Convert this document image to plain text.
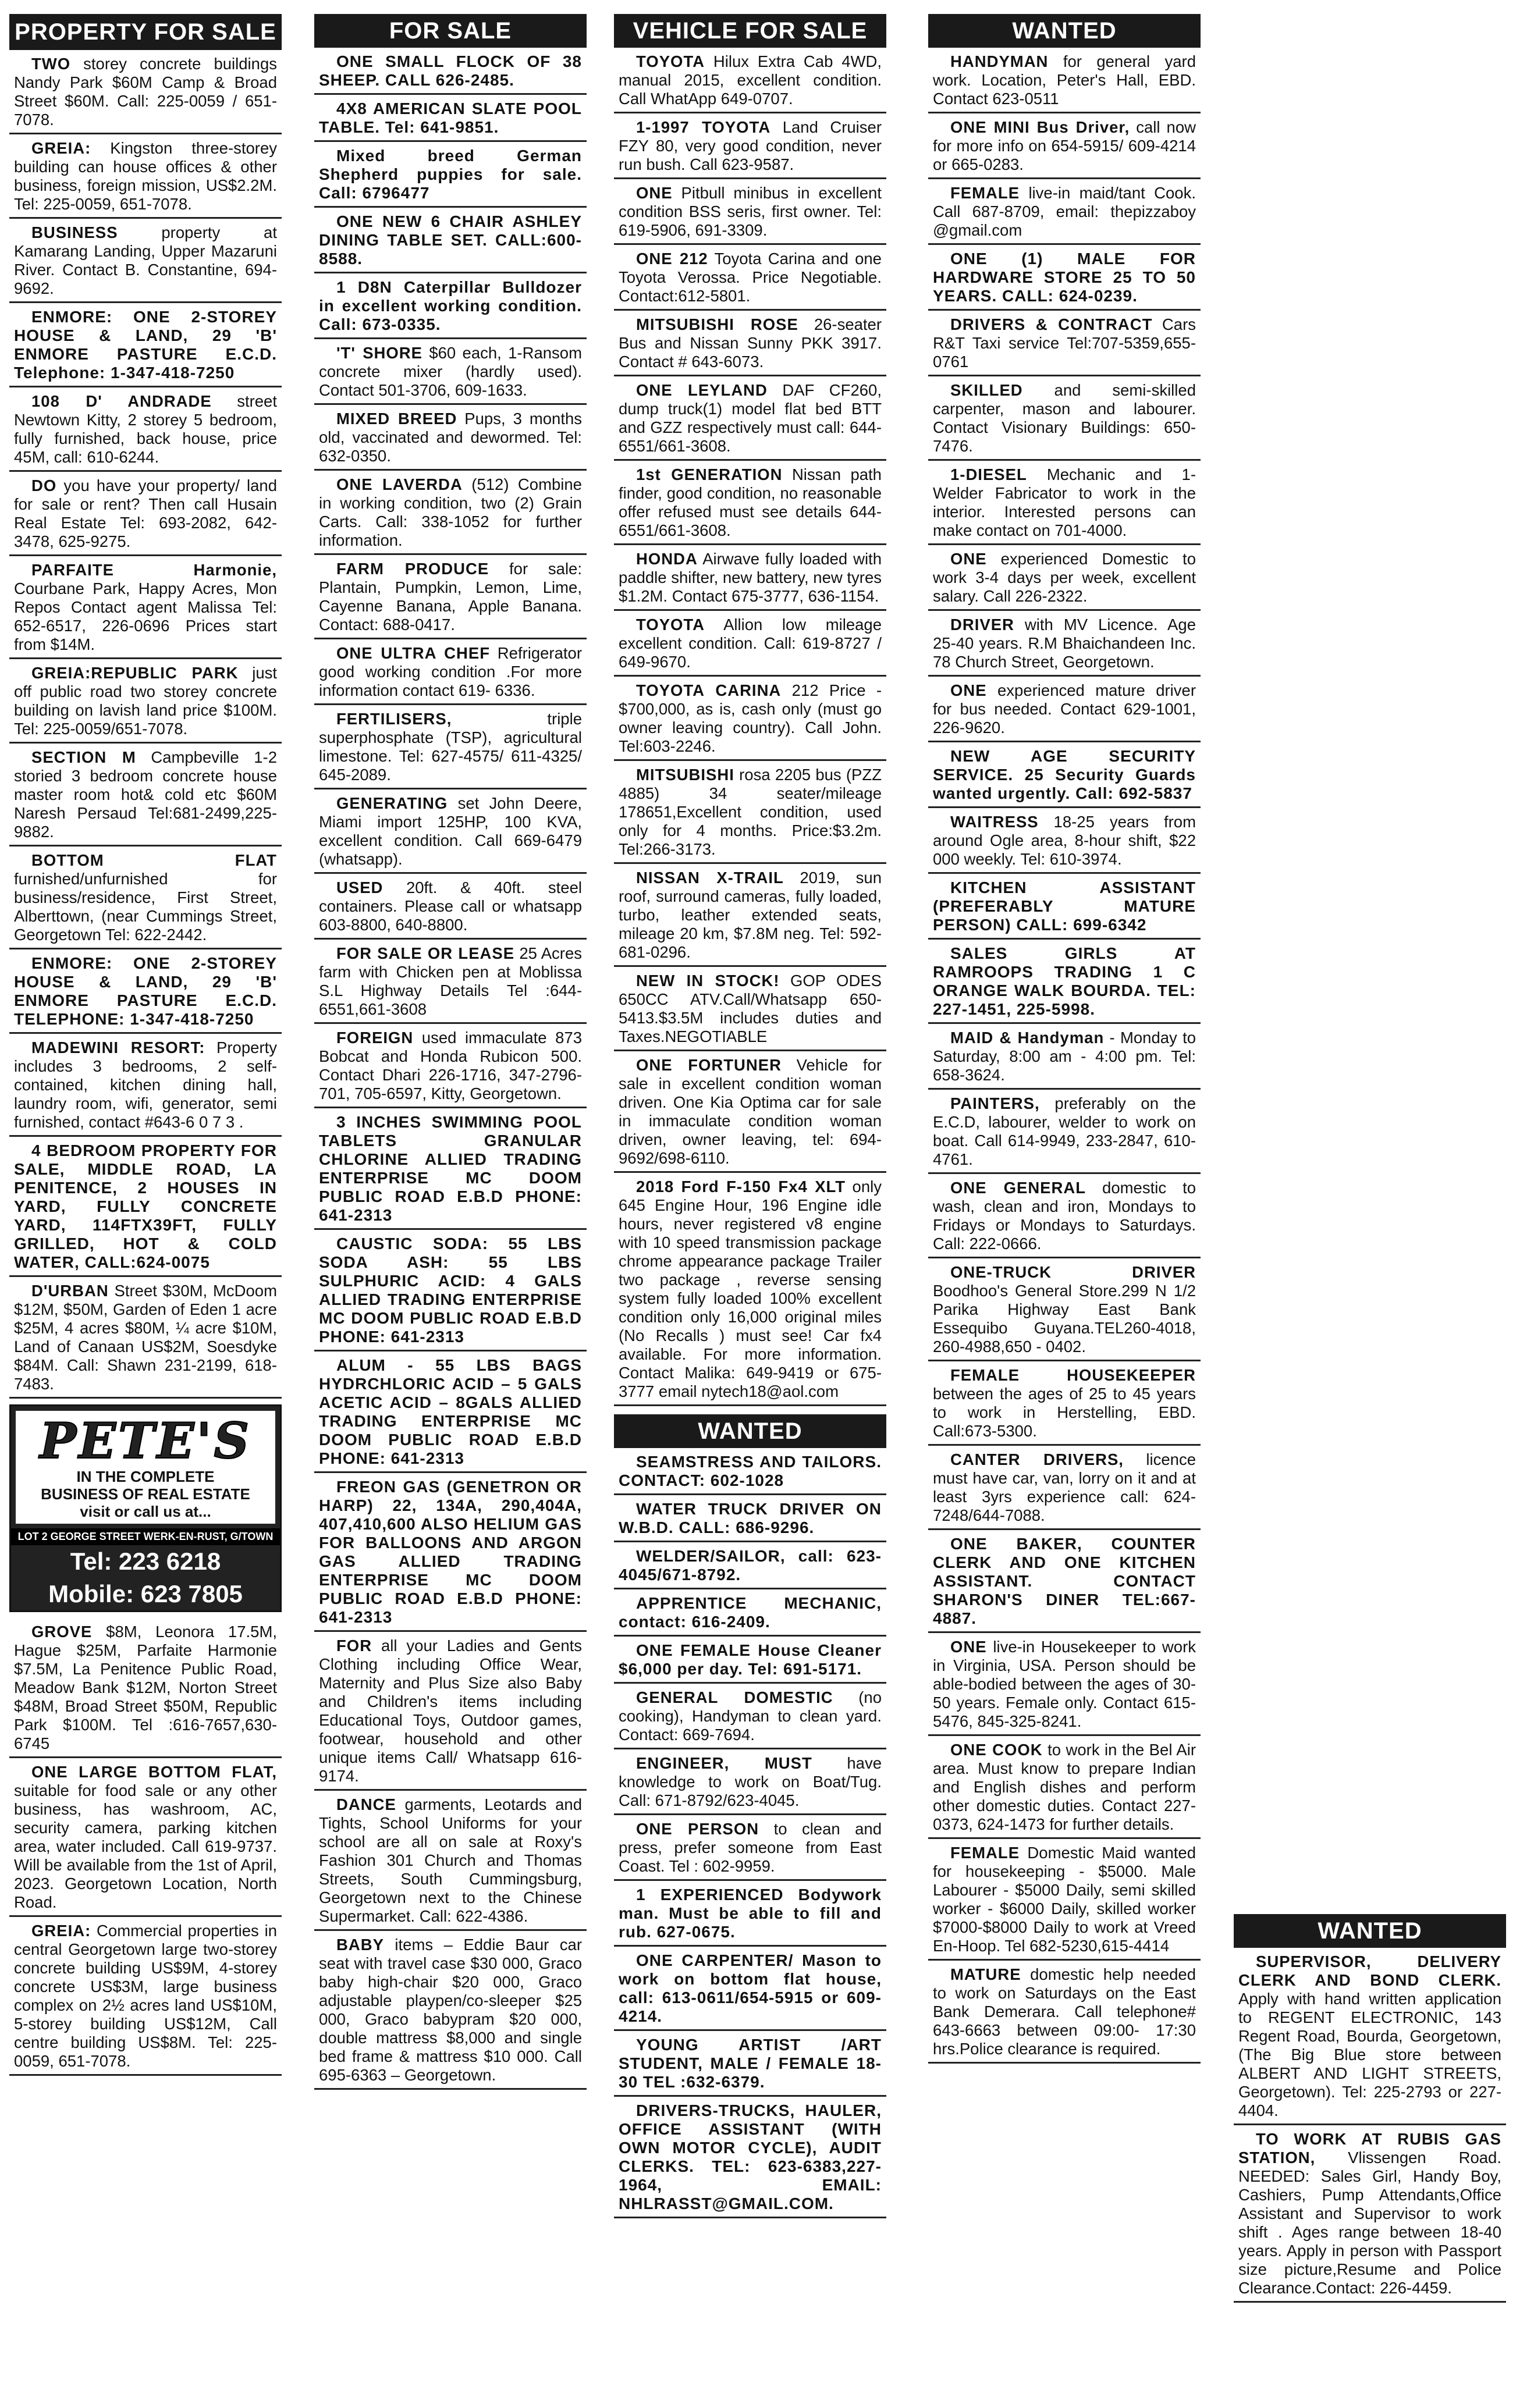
PROPERTY FOR SALE
TWO storey concrete buildings Nandy Park $60M Camp & Broad Street $60M. Call: 225-0059 / 651-7078.
GREIA: Kingston three-storey building can house offices & other business, foreign mission, US$2.2M. Tel: 225-0059, 651-7078.
BUSINESS property at Kamarang Landing, Upper Mazaruni River. Contact B. Constantine, 694-9692.
ENMORE: ONE 2-STOREY HOUSE & LAND, 29 'B' ENMORE PASTURE E.C.D. Telephone: 1-347-418-7250
108 D' ANDRADE street Newtown Kitty, 2 storey 5 bedroom, fully furnished, back house, price 45M, call: 610-6244.
DO you have your property/ land for sale or rent? Then call Husain Real Estate Tel: 693-2082, 642-3478, 625-9275.
PARFAITE Harmonie, Courbane Park, Happy Acres, Mon Repos Contact agent Malissa Tel: 652-6517, 226-0696 Prices start from $14M.
GREIA:REPUBLIC PARK just off public road two storey concrete building on lavish land price $100M. Tel: 225-0059/651-7078.
SECTION M Campbeville 1-2 storied 3 bedroom concrete house master room hot& cold etc $60M Naresh Persaud Tel:681-2499,225-9882.
BOTTOM FLAT furnished/unfurnished for business/residence, First Street, Alberttown, (near Cummings Street, Georgetown Tel: 622-2442.
ENMORE: ONE 2-STOREY HOUSE & LAND, 29 'B' ENMORE PASTURE E.C.D. TELEPHONE: 1-347-418-7250
MADEWINI RESORT: Property includes 3 bedrooms, 2 self-contained, kitchen dining hall, laundry room, wifi, generator, semi furnished, contact #643-6 0 7 3 .
4 BEDROOM PROPERTY FOR SALE, MIDDLE ROAD, LA PENITENCE, 2 HOUSES IN YARD, FULLY CONCRETE YARD, 114FTX39FT, FULLY GRILLED, HOT & COLD WATER, CALL:624-0075
D'URBAN Street $30M, McDoom $12M, $50M, Garden of Eden 1 acre $25M, 4 acres $80M, ¼ acre $10M, Land of Canaan US$2M, Soesdyke $84M. Call: Shawn 231-2199, 618-7483.
PETE'S
IN THE COMPLETE
BUSINESS OF REAL ESTATE
visit or call us at...
LOT 2 GEORGE STREET WERK-EN-RUST, G/TOWN
Tel: 223 6218
Mobile: 623 7805
GROVE $8M, Leonora 17.5M, Hague $25M, Parfaite Harmonie $7.5M, La Penitence Public Road, Meadow Bank $12M, Norton Street $48M, Broad Street $50M, Republic Park $100M. Tel :616-7657,630-6745
ONE LARGE BOTTOM FLAT, suitable for food sale or any other business, has washroom, AC, security camera, parking kitchen area, water included. Call 619-9737. Will be available from the 1st of April, 2023. Georgetown Location, North Road.
GREIA: Commercial properties in central Georgetown large two-storey concrete building US$9M, 4-storey concrete US$3M, large business complex on 2½ acres land US$10M, 5-storey building US$12M, Call centre building US$8M. Tel: 225-0059, 651-7078.
FOR SALE
ONE SMALL FLOCK OF 38 SHEEP. CALL 626-2485.
4X8 AMERICAN SLATE POOL TABLE. Tel: 641-9851.
Mixed breed German Shepherd puppies for sale. Call: 6796477
ONE NEW 6 CHAIR ASHLEY DINING TABLE SET. CALL:600-8588.
1 D8N Caterpillar Bulldozer in excellent working condition. Call: 673-0335.
'T' SHORE $60 each, 1-Ransom concrete mixer (hardly used). Contact 501-3706, 609-1633.
MIXED BREED Pups, 3 months old, vaccinated and dewormed. Tel: 632-0350.
ONE LAVERDA (512) Combine in working condition, two (2) Grain Carts. Call: 338-1052 for further information.
FARM PRODUCE for sale: Plantain, Pumpkin, Lemon, Lime, Cayenne Banana, Apple Banana. Contact: 688-0417.
ONE ULTRA CHEF Refrigerator good working condition .For more information contact 619- 6336.
FERTILISERS, triple superphosphate (TSP), agricultural limestone. Tel: 627-4575/ 611-4325/ 645-2089.
GENERATING set John Deere, Miami import 125HP, 100 KVA, excellent condition. Call 669-6479 (whatsapp).
USED 20ft. & 40ft. steel containers. Please call or whatsapp 603-8800, 640-8800.
FOR SALE OR LEASE 25 Acres farm with Chicken pen at Moblissa S.L Highway Details Tel :644-6551,661-3608
FOREIGN used immaculate 873 Bobcat and Honda Rubicon 500. Contact Dhari 226-1716, 347-2796-701, 705-6597, Kitty, Georgetown.
3 INCHES SWIMMING POOL TABLETS GRANULAR CHLORINE ALLIED TRADING ENTERPRISE MC DOOM PUBLIC ROAD E.B.D PHONE: 641-2313
CAUSTIC SODA: 55 LBS SODA ASH: 55 LBS SULPHURIC ACID: 4 GALS ALLIED TRADING ENTERPRISE MC DOOM PUBLIC ROAD E.B.D PHONE: 641-2313
ALUM - 55 LBS BAGS HYDRCHLORIC ACID – 5 GALS ACETIC ACID – 8GALS ALLIED TRADING ENTERPRISE MC DOOM PUBLIC ROAD E.B.D PHONE: 641-2313
FREON GAS (GENETRON OR HARP) 22, 134A, 290,404A, 407,410,600 ALSO HELIUM GAS FOR BALLOONS AND ARGON GAS ALLIED TRADING ENTERPRISE MC DOOM PUBLIC ROAD E.B.D PHONE: 641-2313
FOR all your Ladies and Gents Clothing including Office Wear, Maternity and Plus Size also Baby and Children's items including Educational Toys, Outdoor games, footwear, household and other unique items Call/ Whatsapp 616-9174.
DANCE garments, Leotards and Tights, School Uniforms for your school are all on sale at Roxy's Fashion 301 Church and Thomas Streets, South Cummingsburg, Georgetown next to the Chinese Supermarket. Call: 622-4386.
BABY items – Eddie Baur car seat with travel case $30 000, Graco baby high-chair $20 000, Graco adjustable playpen/co-sleeper $25 000, Graco babypram $20 000, double mattress $8,000 and single bed frame & mattress $10 000. Call 695-6363 – Georgetown.
VEHICLE FOR SALE
TOYOTA Hilux Extra Cab 4WD, manual 2015, excellent condition. Call WhatApp 649-0707.
1-1997 TOYOTA Land Cruiser FZY 80, very good condition, never run bush. Call 623-9587.
ONE Pitbull minibus in excellent condition BSS seris, first owner. Tel: 619-5906, 691-3309.
ONE 212 Toyota Carina and one Toyota Verossa. Price Negotiable. Contact:612-5801.
MITSUBISHI ROSE 26-seater Bus and Nissan Sunny PKK 3917. Contact # 643-6073.
ONE LEYLAND DAF CF260, dump truck(1) model flat bed BTT and GZZ respectively must call: 644-6551/661-3608.
1st GENERATION Nissan path finder, good condition, no reasonable offer refused must see details 644-6551/661-3608.
HONDA Airwave fully loaded with paddle shifter, new battery, new tyres $1.2M. Contact 675-3777, 636-1154.
TOYOTA Allion low mileage excellent condition. Call: 619-8727 / 649-9670.
TOYOTA CARINA 212 Price - $700,000, as is, cash only (must go owner leaving country). Call John. Tel:603-2246.
MITSUBISHI rosa 2205 bus (PZZ 4885) 34 seater/mileage 178651,Excellent condition, used only for 4 months. Price:$3.2m. Tel:266-3173.
NISSAN X-TRAIL 2019, sun roof, surround cameras, fully loaded, turbo, leather extended seats, mileage 20 km, $7.8M neg. Tel: 592-681-0296.
NEW IN STOCK! GOP ODES 650CC ATV.Call/Whatsapp 650-5413.$3.5M includes duties and Taxes.NEGOTIABLE
ONE FORTUNER Vehicle for sale in excellent condition woman driven. One Kia Optima car for sale in immaculate condition woman driven, owner leaving, tel: 694-9692/698-6110.
2018 Ford F-150 Fx4 XLT only 645 Engine Hour, 196 Engine idle hours, never registered v8 engine with 10 speed transmission package chrome appearance package Trailer two package , reverse sensing system fully loaded 100% excellent condition only 16,000 original miles (No Recalls ) must see! Car fx4 available. For more information. Contact Malika: 649-9419 or 675-3777 email nytech18@aol.com
WANTED
SEAMSTRESS AND TAILORS. CONTACT: 602-1028
WATER TRUCK DRIVER ON W.B.D. CALL: 686-9296.
WELDER/SAILOR, call: 623-4045/671-8792.
APPRENTICE MECHANIC, contact: 616-2409.
ONE FEMALE House Cleaner $6,000 per day. Tel: 691-5171.
GENERAL DOMESTIC (no cooking), Handyman to clean yard. Contact: 669-7694.
ENGINEER, MUST have knowledge to work on Boat/Tug. Call: 671-8792/623-4045.
ONE PERSON to clean and press, prefer someone from East Coast. Tel : 602-9959.
1 EXPERIENCED Bodywork man. Must be able to fill and rub. 627-0675.
ONE CARPENTER/ Mason to work on bottom flat house, call: 613-0611/654-5915 or 609-4214.
YOUNG ARTIST /ART STUDENT, MALE / FEMALE 18-30 TEL :632-6379.
DRIVERS-TRUCKS, HAULER, OFFICE ASSISTANT (WITH OWN MOTOR CYCLE), AUDIT CLERKS. TEL: 623-6383,227-1964, EMAIL: NHLRASST@GMAIL.COM.
WANTED
HANDYMAN for general yard work. Location, Peter's Hall, EBD. Contact 623-0511
ONE MINI Bus Driver, call now for more info on 654-5915/ 609-4214 or 665-0283.
FEMALE live-in maid/tant Cook. Call 687-8709, email: thepizzaboy @gmail.com
ONE (1) MALE FOR HARDWARE STORE 25 TO 50 YEARS. CALL: 624-0239.
DRIVERS & CONTRACT Cars R&T Taxi service Tel:707-5359,655-0761
SKILLED and semi-skilled carpenter, mason and labourer. Contact Visionary Buildings: 650-7476.
1-DIESEL Mechanic and 1-Welder Fabricator to work in the interior. Interested persons can make contact on 701-4000.
ONE experienced Domestic to work 3-4 days per week, excellent salary. Call 226-2322.
DRIVER with MV Licence. Age 25-40 years. R.M Bhaichandeen Inc. 78 Church Street, Georgetown.
ONE experienced mature driver for bus needed. Contact 629-1001, 226-9620.
NEW AGE SECURITY SERVICE. 25 Security Guards wanted urgently. Call: 692-5837
WAITRESS 18-25 years from around Ogle area, 8-hour shift, $22 000 weekly. Tel: 610-3974.
KITCHEN ASSISTANT (PREFERABLY MATURE PERSON) CALL: 699-6342
SALES GIRLS AT RAMROOPS TRADING 1 C ORANGE WALK BOURDA. TEL: 227-1451, 225-5998.
MAID & Handyman - Monday to Saturday, 8:00 am - 4:00 pm. Tel: 658-3624.
PAINTERS, preferably on the E.C.D, labourer, welder to work on boat. Call 614-9949, 233-2847, 610-4761.
ONE GENERAL domestic to wash, clean and iron, Mondays to Fridays or Mondays to Saturdays. Call: 222-0666.
ONE-TRUCK DRIVER Boodhoo's General Store.299 N 1/2 Parika Highway East Bank Essequibo Guyana.TEL260-4018, 260-4988,650 - 0402.
FEMALE HOUSEKEEPER between the ages of 25 to 45 years to work in Herstelling, EBD. Call:673-5300.
CANTER DRIVERS, licence must have car, van, lorry on it and at least 3yrs experience call: 624-7248/644-7088.
ONE BAKER, COUNTER CLERK AND ONE KITCHEN ASSISTANT. CONTACT SHARON'S DINER TEL:667-4887.
ONE live-in Housekeeper to work in Virginia, USA. Person should be able-bodied between the ages of 30-50 years. Female only. Contact 615-5476, 845-325-8241.
ONE COOK to work in the Bel Air area. Must know to prepare Indian and English dishes and perform other domestic duties. Contact 227-0373, 624-1473 for further details.
FEMALE Domestic Maid wanted for housekeeping - $5000. Male Labourer - $5000 Daily, semi skilled worker - $6000 Daily, skilled worker $7000-$8000 Daily to work at Vreed En-Hoop. Tel 682-5230,615-4414
MATURE domestic help needed to work on Saturdays on the East Bank Demerara. Call telephone# 643-6663 between 09:00- 17:30 hrs.Police clearance is required.
WANTED
SUPERVISOR, DELIVERY CLERK AND BOND CLERK. Apply with hand written application to REGENT ELECTRONIC, 143 Regent Road, Bourda, Georgetown, (The Big Blue store between ALBERT AND LIGHT STREETS, Georgetown). Tel: 225-2793 or 227-4404.
TO WORK AT RUBIS GAS STATION, Vlissengen Road. NEEDED: Sales Girl, Handy Boy, Cashiers, Pump Attendants,Office Assistant and Supervisor to work shift . Ages range between 18-40 years. Apply in person with Passport size picture,Resume and Police Clearance.Contact: 226-4459.
